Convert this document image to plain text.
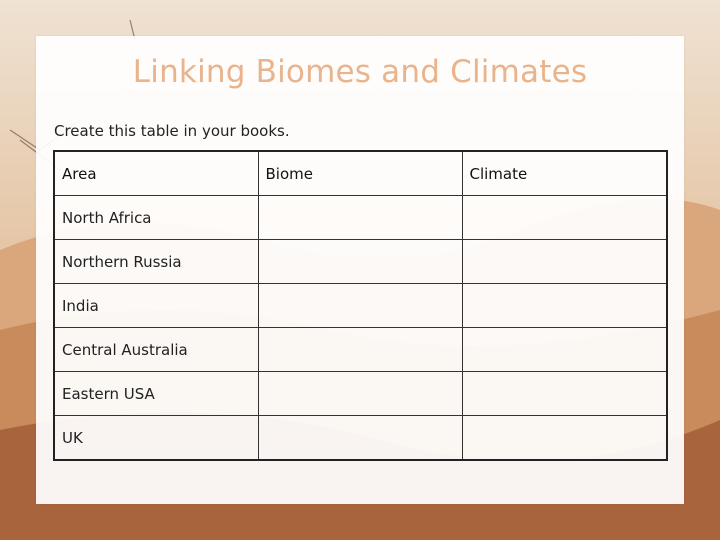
Linking Biomes and Climates

Create this table in your books.

Area	Biome	Climate
North Africa		
Northern Russia		
India		
Central Australia		
Eastern USA		
UK		
